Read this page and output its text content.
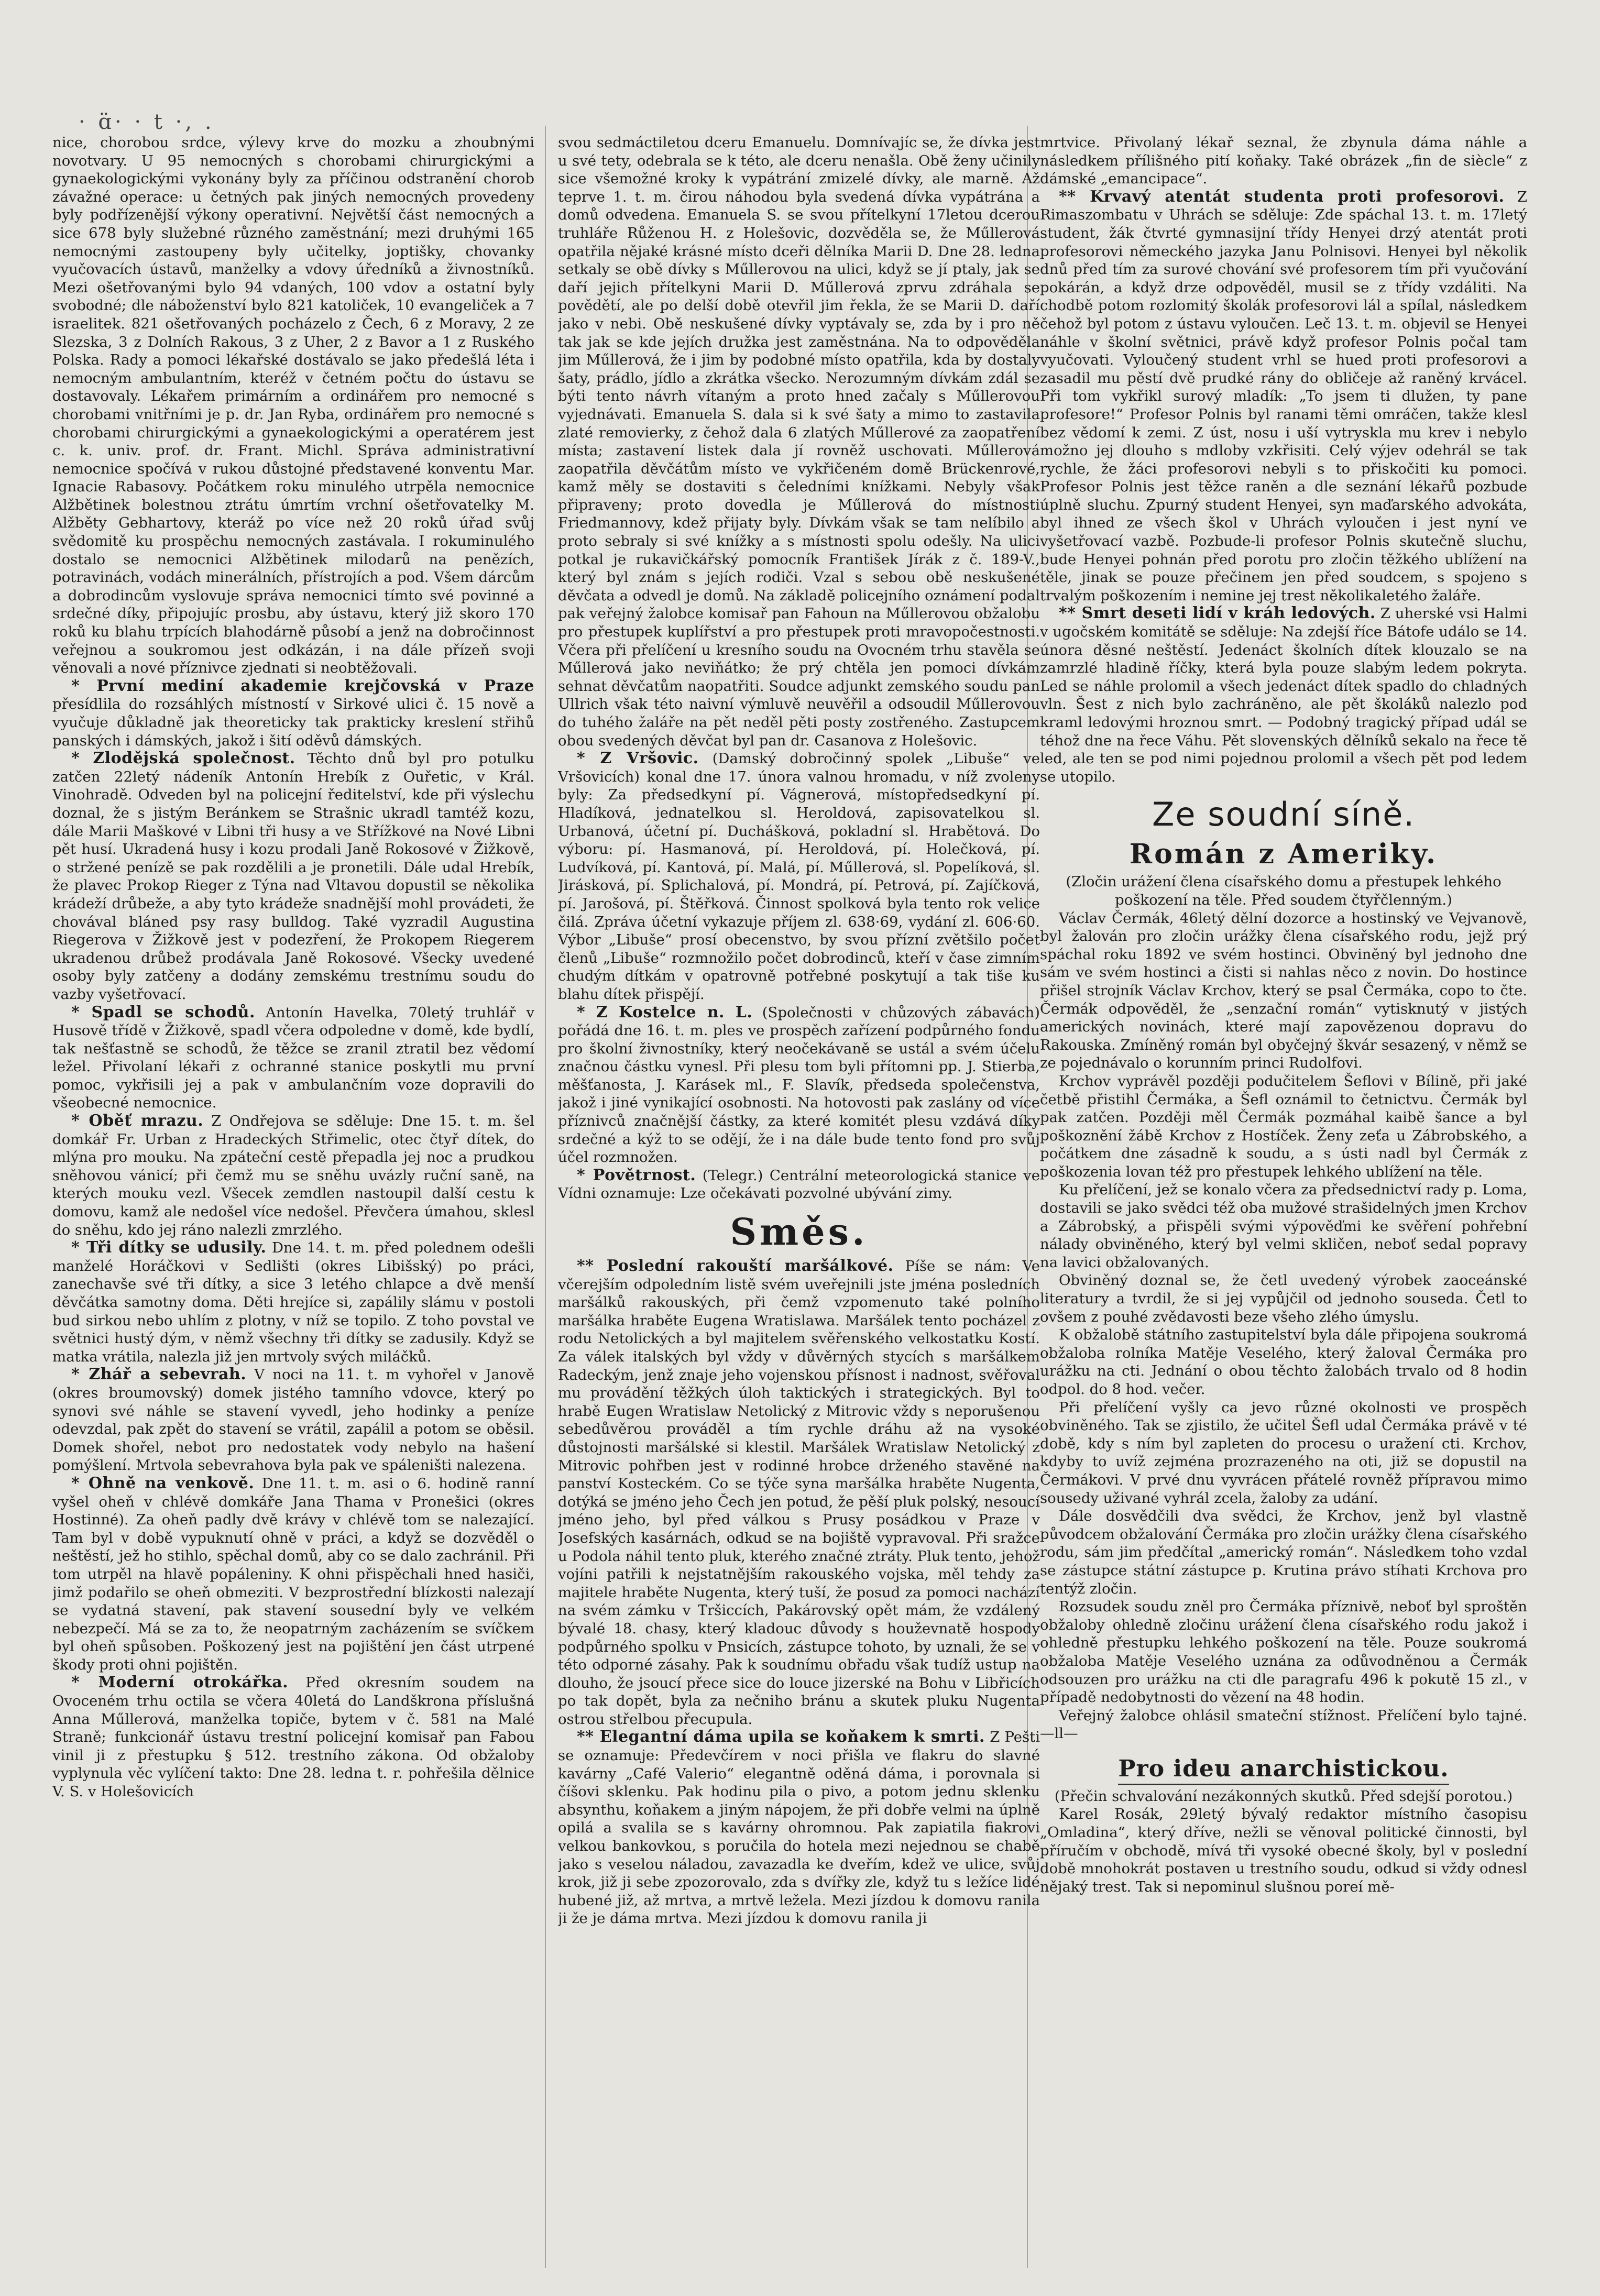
· ɑ̈· · t ·, .

nice, chorobou srdce, výlevy krve do mozku a zhoubnými novotvary. U 95 nemocných s chorobami chirurgickými a gynaekologickými vykonány byly za příčinou odstranění chorob závažné operace: u četných pak jiných nemocných provedeny byly podřízenější výkony operativní. Největší část nemocných a sice 678 byly služebné různého zaměstnání; mezi druhými 165 nemocnými zastoupeny byly učitelky, joptišky, chovanky vyučovacích ústavů, manželky a vdovy úředníků a živnostníků. Mezi ošetřovanými bylo 94 vdaných, 100 vdov a ostatní byly svobodné; dle náboženství bylo 821 katoliček, 10 evangeliček a 7 israelitek. 821 ošetřovaných pocházelo z Čech, 6 z Moravy, 2 ze Slezska, 3 z Dolních Rakous, 3 z Uher, 2 z Bavor a 1 z Ruského Polska. Rady a pomoci lékařské dostávalo se jako předešlá léta i nemocným ambulantním, kteréž v četném počtu do ústavu se dostavovaly. Lékařem primárním a ordinářem pro nemocné s chorobami vnitřními je p. dr. Jan Ryba, ordinářem pro nemocné s chorobami chirurgickými a gynaekologickými a operatérem jest c. k. univ. prof. dr. Frant. Michl. Správa administrativní nemocnice spočívá v rukou důstojné představené konventu Mar. Ignacie Rabasovy. Počátkem roku minulého utrpěla nemocnice Alžbětinek bolestnou ztrátu úmrtím vrchní ošetřovatelky M. Alžběty Gebhartovy, kteráž po více než 20 roků úřad svůj svědomitě ku prospěchu nemocných zastávala. I rokuminulého dostalo se nemocnici Alžbětinek milodarů na penězích, potravinách, vodách minerálních, přístrojích a pod. Všem dárcům a dobrodincům vyslovuje správa nemocnici tímto své povinné a srdečné díky, připojujíc prosbu, aby ústavu, který již skoro 170 roků ku blahu trpících blahodárně působí a jenž na dobročinnost veřejnou a soukromou jest odkázán, i na dále přízeň svoji věnovali a nové příznivce zjednati si neobtěžovali.

* První mediní akademie krejčovská v Praze přesídlila do rozsáhlých místností v Sirkové ulici č. 15 nově a vyučuje důkladně jak theoreticky tak prakticky kreslení střihů panských i dámských, jakož i šití oděvů dámských.

* Zlodějská společnost. Těchto dnů byl pro potulku zatčen 22letý nádeník Antonín Hrebík z Ouřetic, v Král. Vinohradě. Odveden byl na policejní ředitelství, kde při výslechu doznal, že s jistým Beránkem se Strašnic ukradl tamtéž kozu, dále Marii Maškové v Libni tři husy a ve Střížkové na Nové Libni pět husí. Ukradená husy i kozu prodali Janě Rokosové v Žižkově, o stržené penízě se pak rozdělili a je pronetili. Dále udal Hrebík, že plavec Prokop Rieger z Týna nad Vltavou dopustil se několika krádeží drůbeže, a aby tyto krádeže snadnější mohl provádeti, že chovával bláned psy rasy bulldog. Také vyzradil Augustina Riegerova v Žižkově jest v podezření, že Prokopem Riegerem ukradenou drůbež prodávala Janě Rokosové. Všecky uvedené osoby byly zatčeny a dodány zemskému trestnímu soudu do vazby vyšetřovací.

* Spadl se schodů. Antonín Havelka, 70letý truhlář v Husově třídě v Žižkově, spadl včera odpoledne v domě, kde bydlí, tak nešťastně se schodů, že těžce se zranil ztratil bez vědomí ležel. Přivolaní lékaři z ochranné stanice poskytli mu první pomoc, vykřisili jej a pak v ambulančním voze dopravili do všeobecné nemocnice.

* Oběť mrazu. Z Ondřejova se sděluje: Dne 15. t. m. šel domkář Fr. Urban z Hradeckých Střimelic, otec čtyř dítek, do mlýna pro mouku. Na zpáteční cestě přepadla jej noc a prudkou sněhovou vánicí; při čemž mu se sněhu uvázly ruční saně, na kterých mouku vezl. Všecek zemdlen nastoupil další cestu k domovu, kamž ale nedošel více nedošel. Převčera úmahou, sklesl do sněhu, kdo jej ráno nalezli zmrzlého.

* Tři dítky se udusily. Dne 14. t. m. před polednem odešli manželé Horáčkovi v Sedlišti (okres Libišský) po práci, zanechavše své tři dítky, a sice 3 letého chlapce a dvě menší děvčátka samotny doma. Děti hrejíce si, zapálily slámu v postoli bud sirkou nebo uhlím z plotny, v níž se topilo. Z toho povstal ve světnici hustý dým, v němž všechny tři dítky se zadusily. Když se matka vrátila, nalezla již jen mrtvoly svých miláčků.

* Zhář a sebevrah. V noci na 11. t. m vyhořel v Janově (okres broumovský) domek jistého tamního vdovce, který po synovi své náhle se stavení vyvedl, jeho hodinky a peníze odevzdal, pak zpět do stavení se vrátil, zapálil a potom se oběsil. Domek shořel, nebot pro nedostatek vody nebylo na hašení pomýšlení. Mrtvola sebevrahova byla pak ve spáleništi nalezena.

* Ohně na venkově. Dne 11. t. m. asi o 6. hodině ranní vyšel oheň v chlévě domkáře Jana Thama v Pronešici (okres Hostinné). Za oheň padly dvě krávy v chlévě tom se nalezající. Tam byl v době vypuknutí ohně v práci, a když se dozvěděl o neštěstí, jež ho stihlo, spěchal domů, aby co se dalo zachránil. Při tom utrpěl na hlavě popáleniny. K ohni přispěchali hned hasiči, jimž podařilo se oheň obmeziti. V bezprostřední blízkosti nalezají se vydatná stavení, pak stavení sousední byly ve velkém nebezpečí. Má se za to, že neopatrným zacházením se svíčkem byl oheň spůsoben. Poškozený jest na pojištění jen část utrpené škody proti ohni pojištěn.

* Moderní otrokářka. Před okresním soudem na Ovoceném trhu octila se včera 40letá do Landškrona příslušná Anna Műllerová, manželka topiče, bytem v č. 581 na Malé Straně; funkcionář ústavu trestní policejní komisař pan Fabou vinil ji z přestupku § 512. trestního zákona. Od obžaloby vyplynula věc vylíčení takto: Dne 28. ledna t. r. pohřešila dělnice V. S. v Holešovicích

svou sedmáctiletou dceru Emanuelu. Domnívajíc se, že dívka jest u své tety, odebrala se k této, ale dceru nenašla. Obě ženy učinily sice všemožné kroky k vypátrání zmizelé dívky, ale marně. Až teprve 1. t. m. čirou náhodou byla svedená dívka vypátrána a domů odvedena. Emanuela S. se svou přítelkyní 17letou dcerou truhláře Růženou H. z Holešovic, dozvěděla se, že Műllerová opatřila nějaké krásné místo dceři dělníka Marii D. Dne 28. ledna setkaly se obě dívky s Műllerovou na ulici, když se jí ptaly, jak se daří jejich přítelkyni Marii D. Műllerová zprvu zdráhala se povědětí, ale po delší době otevřil jim řekla, že se Marii D. daří jako v nebi. Obě neskušené dívky vyptávaly se, zda by i pro ně tak jak se kde jejích družka jest zaměstnána. Na to odpověděla jim Műllerová, že i jim by podobné místo opatřila, kda by dostaly šaty, prádlo, jídlo a zkrátka všecko. Nerozumným dívkám zdál se býti tento návrh vítaným a proto hned začaly s Műllerovou vyjednávati. Emanuela S. dala si k své šaty a mimo to zastavila zlaté removierky, z čehož dala 6 zlatých Műllerové za zaopatření místa; zastavení listek dala jí rovněž uschovati. Műllerová zaopatřila děvčátům místo ve vykřičeném domě Brückenrové, kamž měly se dostaviti s čeledními knížkami. Nebyly však připraveny; proto dovedla je Műllerová do místnosti Friedmannovy, kdež přijaty byly. Dívkám však se tam nelíbilo a proto sebraly si své knížky a s místnosti spolu odešly. Na ulici potkal je rukavičkářský pomocník František Jírák z č. 189-V., který byl znám s jejích rodiči. Vzal s sebou obě neskušené děvčata a odvedl je domů. Na základě policejního oznámení podal pak veřejný žalobce komisař pan Fahoun na Műllerovou obžalobu pro přestupek kuplířství a pro přestupek proti mravopočestnosti. Včera při přelíčení u kresního soudu na Ovocném trhu stavěla se Műllerová jako neviňátko; že prý chtěla jen pomoci dívkám sehnat děvčatům naopatřiti. Soudce adjunkt zemského soudu pan Ullrich však této naivní výmluvě neuvěřil a odsoudil Műllerovou do tuhého žaláře na pět neděl pěti posty zostřeného. Zastupcem obou svedených děvčat byl pan dr. Casanova z Holešovic.

* Z Vršovic. (Damský dobročinný spolek „Libuše“ ve Vršovicích) konal dne 17. února valnou hromadu, v níž zvoleny byly: Za předsedkyní pí. Vágnerová, místopředsedkyní pí. Hladíková, jednatelkou sl. Heroldová, zapisovatelkou sl. Urbanová, účetní pí. Duchášková, pokladní sl. Hrabětová. Do výboru: pí. Hasmanová, pí. Heroldová, pí. Holečková, pí. Ludvíková, pí. Kantová, pí. Malá, pí. Műllerová, sl. Popelíková, sl. Jirásková, pí. Splichalová, pí. Mondrá, pí. Petrová, pí. Zajíčková, pí. Jarošová, pí. Štěřková. Činnost spolková byla tento rok velice čilá. Zpráva účetní vykazuje příjem zl. 638·69, vydání zl. 606·60. Výbor „Libuše“ prosí obecenstvo, by svou přízní zvětšilo počet členů „Libuše“ rozmnožilo počet dobrodinců, kteří v čase zimním chudým dítkám v opatrovně potřebné poskytují a tak tiše ku blahu dítek přispějí.

* Z Kostelce n. L. (Společnosti v chůzových zábavách) pořádá dne 16. t. m. ples ve prospěch zařízení podpůrného fondu pro školní živnostníky, který neočekávaně se ustál a svém účelu značnou částku vynesl. Při plesu tom byli přítomni pp. J. Stierba, měšťanosta, J. Karásek ml., F. Slavík, předseda společenstva, jakož i jiné vynikající osobnosti. Na hotovosti pak zaslány od více příznivců značnější částky, za které komitét plesu vzdává díky srdečné a kýž to se odějí, že i na dále bude tento fond pro svůj účel rozmnožen.

* Povětrnost. (Telegr.) Centrální meteorologická stanice ve Vídni oznamuje: Lze očekávati pozvolné ubývání zimy.

Směs.

** Poslední rakouští maršálkové. Píše se nám: Ve včerejším odpoledním listě svém uveřejnili jste jména posledních maršálků rakouských, při čemž vzpomenuto také polního maršálka hraběte Eugena Wratislawa. Maršálek tento pocházel z rodu Netolických a byl majitelem svěřenského velkostatku Kostí. Za válek italských byl vždy v důvěrných stycích s maršálkem Radeckým, jenž znaje jeho vojenskou přísnost i nadnost, svěřoval mu provádění těžkých úloh taktických i strategických. Byl to hrabě Eugen Wratislaw Netolický z Mitrovic vždy s neporušenou sebedůvěrou prováděl a tím rychle dráhu až na vysoké důstojnosti maršálské si klestil. Maršálek Wratislaw Netolický z Mitrovic pohřben jest v rodinné hrobce drženého stavěné na panství Kosteckém. Co se týče syna maršálka hraběte Nugenta, dotýká se jméno jeho Čech jen potud, že pěší pluk polský, nesoucí jméno jeho, byl před válkou s Prusy posádkou v Praze v Josefských kasárnách, odkud se na bojiště vypravoval. Při sražce u Podola náhil tento pluk, kterého značné ztráty. Pluk tento, jehož vojíni patřili k nejstatnějším rakouského vojska, měl tehdy za majitele hraběte Nugenta, který tuší, že posud za pomoci nachází na svém zámku v Tršiccích, Pakárovský opět mám, že vzdálený bývalé 18. chasy, který kladouc důvody s houževnatě hospody podpůrného spolku v Pnsicích, zástupce tohoto, by uznali, že se v této odporné zásahy. Pak k soudnímu obřadu však tudíž ustup na dlouho, že jsoucí přece sice do louce jizerské na Bohu v Libřicích po tak dopět, byla za nečniho bránu a skutek pluku Nugenta ostrou střelbou přecupula.

** Elegantní dáma upila se koňakem k smrti. Z Pešti se oznamuje: Předevčírem v noci přišla ve flakru do slavné kavárny „Café Valerio“ elegantně oděná dáma, i porovnala si číšovi sklenku. Pak hodinu pila o pivo, a potom jednu sklenku absynthu, koňakem a jiným nápojem, že při dobře velmi na úplně opilá a svalila se s kavárny ohromnou. Pak zapiatila fiakrovi velkou bankovkou, s poručila do hotela mezi nejednou se chabě jako s veselou náladou, zavazadla ke dveřím, kdež ve ulice, svůj krok, již ji sebe zpozorovalo, zda s dvířky zle, když tu s ležíce lidé hubené již, až mrtva, a mrtvě ležela. Mezi jízdou k domovu ranila ji že je dáma mrtva. Mezi jízdou k domovu ranila ji

mrtvice. Přivolaný lékař seznal, že zbynula dáma náhle a následkem přílišného pití koňaky. Také obrázek „fin de siècle“ z dámské „emancipace“.

** Krvavý atentát studenta proti profesorovi. Z Rimaszombatu v Uhrách se sděluje: Zde spáchal 13. t. m. 17letý student, žák čtvrté gymnasijní třídy Henyei drzý atentát proti profesorovi německého jazyka Janu Polnisovi. Henyei byl několik dnů před tím za surové chování své profesorem tím při vyučování pokárán, a když drze odpověděl, musil se z třídy vzdáliti. Na chodbě potom rozlomitý školák profesorovi lál a spílal, následkem čehož byl potom z ústavu vyloučen. Leč 13. t. m. objevil se Henyei náhle v školní světnici, právě když profesor Polnis počal tam vyučovati. Vyloučený student vrhl se hued proti profesorovi a zasadil mu pěstí dvě prudké rány do obličeje až raněný krvácel. Při tom vykřikl surový mladík: „To jsem ti dlužen, ty pane profesore!“ Profesor Polnis byl ranami těmi omráčen, takže klesl bez vědomí k zemi. Z úst, nosu i uší vytryskla mu krev i nebylo možno jej dlouho s mdloby vzkřisiti. Celý výjev odehrál se tak rychle, že žáci profesorovi nebyli s to přiskočiti ku pomoci. Profesor Polnis jest těžce raněn a dle seznání lékařů pozbude úplně sluchu. Zpurný student Henyei, syn maďarského advokáta, byl ihned ze všech škol v Uhrách vyloučen i jest nyní ve vyšetřovací vazbě. Pozbude-li profesor Polnis skutečně sluchu, bude Henyei pohnán před porotu pro zločin těžkého ublížení na těle, jinak se pouze přečinem jen před soudcem, s spojeno s trvalým poškozením i nemine jej trest několikaletého žaláře.

** Smrt deseti lidí v kráh ledových. Z uherské vsi Halmi v ugočském komitátě se sděluje: Na zdejší říce Bátofe událo se 14. února děsné neštěstí. Jedenáct školních dítek klouzalo se na zamrzlé hladině říčky, která byla pouze slabým ledem pokryta. Led se náhle prolomil a všech jedenáct dítek spadlo do chladných vln. Šest z nich bylo zachráněno, ale pět školáků nalezlo pod kraml ledovými hroznou smrt. — Podobný tragický případ udál se téhož dne na řece Váhu. Pět slovenských dělníků sekalo na řece tě led, ale ten se pod nimi pojednou prolomil a všech pět pod ledem se utopilo.

Ze soudní síně.
Román z Ameriky.

(Zločin urážení člena císařského domu a přestupek lehkého poškození na těle. Před soudem čtyřčlenným.)

Václav Čermák, 46letý dělní dozorce a hostinský ve Vejvanově, byl žalován pro zločin urážky člena císařského rodu, jejž prý spáchal roku 1892 ve svém hostinci. Obviněný byl jednoho dne sám ve svém hostinci a čisti si nahlas něco z novin. Do hostince přišel strojník Václav Krchov, který se psal Čermáka, copo to čte. Čermák odpověděl, že „senzační román“ vytisknutý v jistých amerických novinách, které mají zapovězenou dopravu do Rakouska. Zmíněný román byl obyčejný škvár sesazený, v němž se ze pojednávalo o korunním princi Rudolfovi.

Krchov vyprávěl později podučitelem Šeflovi v Bílině, při jaké četbě přistihl Čermáka, a Šefl oznámil to četnictvu. Čermák byl pak zatčen. Později měl Čermák pozmáhal kaibě šance a byl poškoznění žábě Krchov z Hostíček. Ženy zeťa u Zábrobského, a počátkem dne zásadně k soudu, a s ústi nadl byl Čermák z poškozenia lovan též pro přestupek lehkého ublížení na těle.

Ku přelíčení, jež se konalo včera za předsednictví rady p. Loma, dostavili se jako svědci též oba mužové strašidelných jmen Krchov a Zábrobský, a přispěli svými výpověďmi ke svěření pohřební nálady obviněného, který byl velmi skličen, neboť sedal popravy na lavici obžalovaných.

Obviněný doznal se, že četl uvedený výrobek zaoceánské literatury a tvrdil, že si jej vypůjčil od jednoho souseda. Četl to ovšem z pouhé zvědavosti beze všeho zlého úmyslu.

K obžalobě státního zastupitelství byla dále připojena soukromá obžaloba rolníka Matěje Veselého, který žaloval Čermáka pro urážku na cti. Jednání o obou těchto žalobách trvalo od 8 hodin odpol. do 8 hod. večer.

Při přelíčení vyšly ca jevo různé okolnosti ve prospěch obviněného. Tak se zjistilo, že učitel Šefl udal Čermáka právě v té době, kdy s ním byl zapleten do procesu o uražení cti. Krchov, kdyby to uvíž zejména prozrazeného na oti, již se dopustil na Čermákovi. V prvé dnu vyvrácen přátelé rovněž přípravou mimo sousedy uživané vyhrál zcela, žaloby za udání.

Dále dosvědčili dva svědci, že Krchov, jenž byl vlastně původcem obžalování Čermáka pro zločin urážky člena císařského rodu, sám jim předčítal „americký román“. Následkem toho vzdal se zástupce státní zástupce p. Krutina právo stíhati Krchova pro tentýž zločin.

Rozsudek soudu zněl pro Čermáka příznivě, neboť byl sproštěn obžaloby ohledně zločinu urážení člena císařského rodu jakož i ohledně přestupku lehkého poškození na těle. Pouze soukromá obžaloba Matěje Veselého uznána za odůvodněnou a Čermák odsouzen pro urážku na cti dle paragrafu 496 k pokutě 15 zl., v případě nedobytnosti do vězení na 48 hodin.

Veřejný žalobce ohlásil smateční stížnost. Přelíčení bylo tajné. —ll—

Pro ideu anarchistickou.

(Přečin schvalování nezákonných skutků. Před sdejší porotou.)

Karel Rosák, 29letý bývalý redaktor místního časopisu „Omladina“, který dříve, nežli se věnoval politické činnosti, byl příručím v obchodě, mívá tři vysoké obecné školy, byl v poslední době mnohokrát postaven u trestního soudu, odkud si vždy odnesl nějaký trest. Tak si nepominul slušnou poreí mě-
